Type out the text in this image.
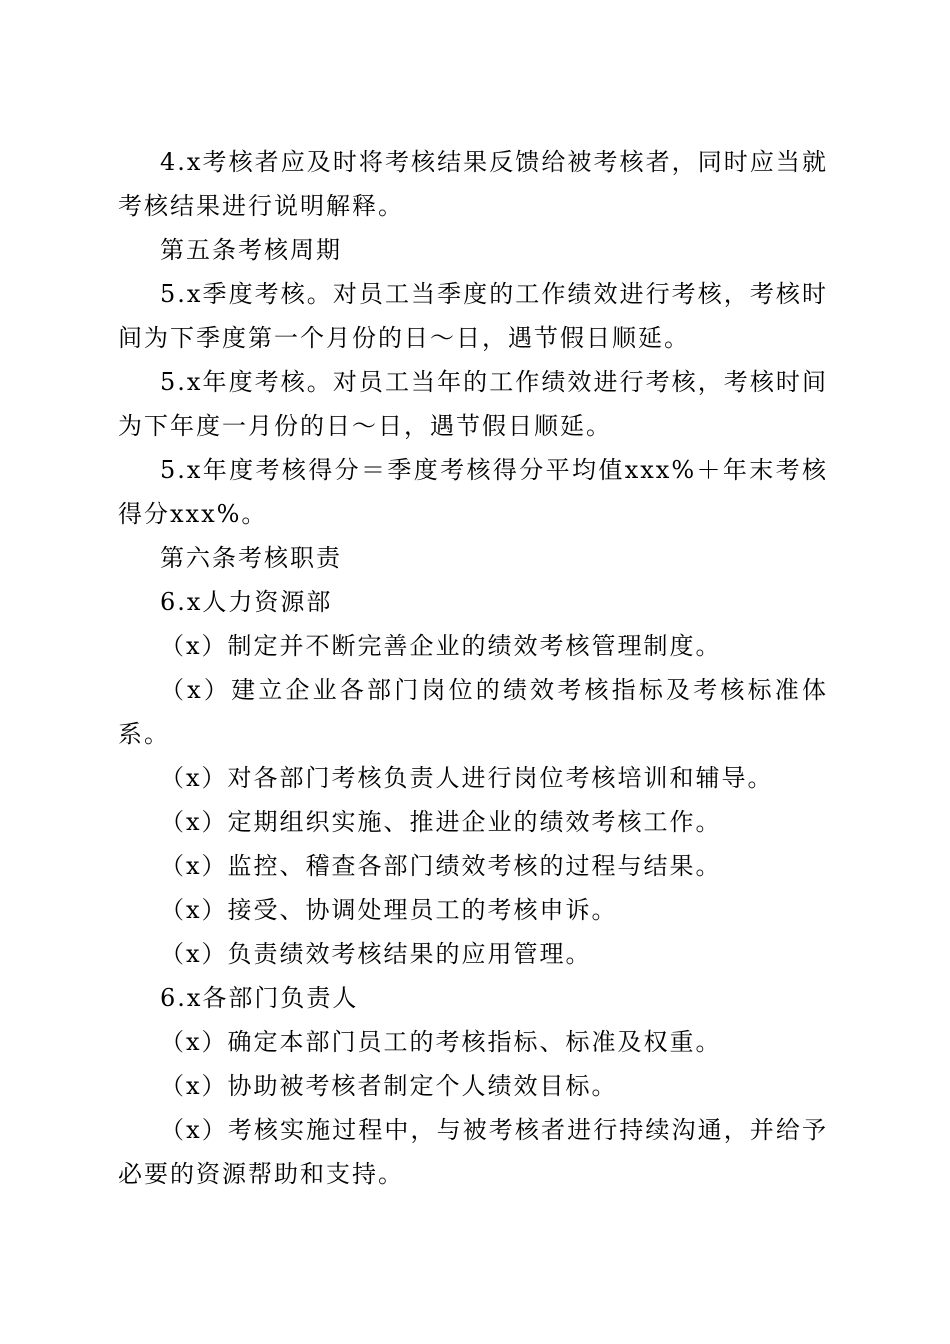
4.x考核者应及时将考核结果反馈给被考核者，同时应当就考核结果进行说明解释。

第五条考核周期

5.x季度考核。对员工当季度的工作绩效进行考核，考核时间为下季度第一个月份的日～日，遇节假日顺延。

5.x年度考核。对员工当年的工作绩效进行考核，考核时间为下年度一月份的日～日，遇节假日顺延。

5.x年度考核得分＝季度考核得分平均值xxx%＋年末考核得分xxx%。

第六条考核职责

6.x人力资源部

（x）制定并不断完善企业的绩效考核管理制度。

（x）建立企业各部门岗位的绩效考核指标及考核标准体系。

（x）对各部门考核负责人进行岗位考核培训和辅导。

（x）定期组织实施、推进企业的绩效考核工作。

（x）监控、稽查各部门绩效考核的过程与结果。

（x）接受、协调处理员工的考核申诉。

（x）负责绩效考核结果的应用管理。

6.x各部门负责人

（x）确定本部门员工的考核指标、标准及权重。

（x）协助被考核者制定个人绩效目标。

（x）考核实施过程中，与被考核者进行持续沟通，并给予必要的资源帮助和支持。
